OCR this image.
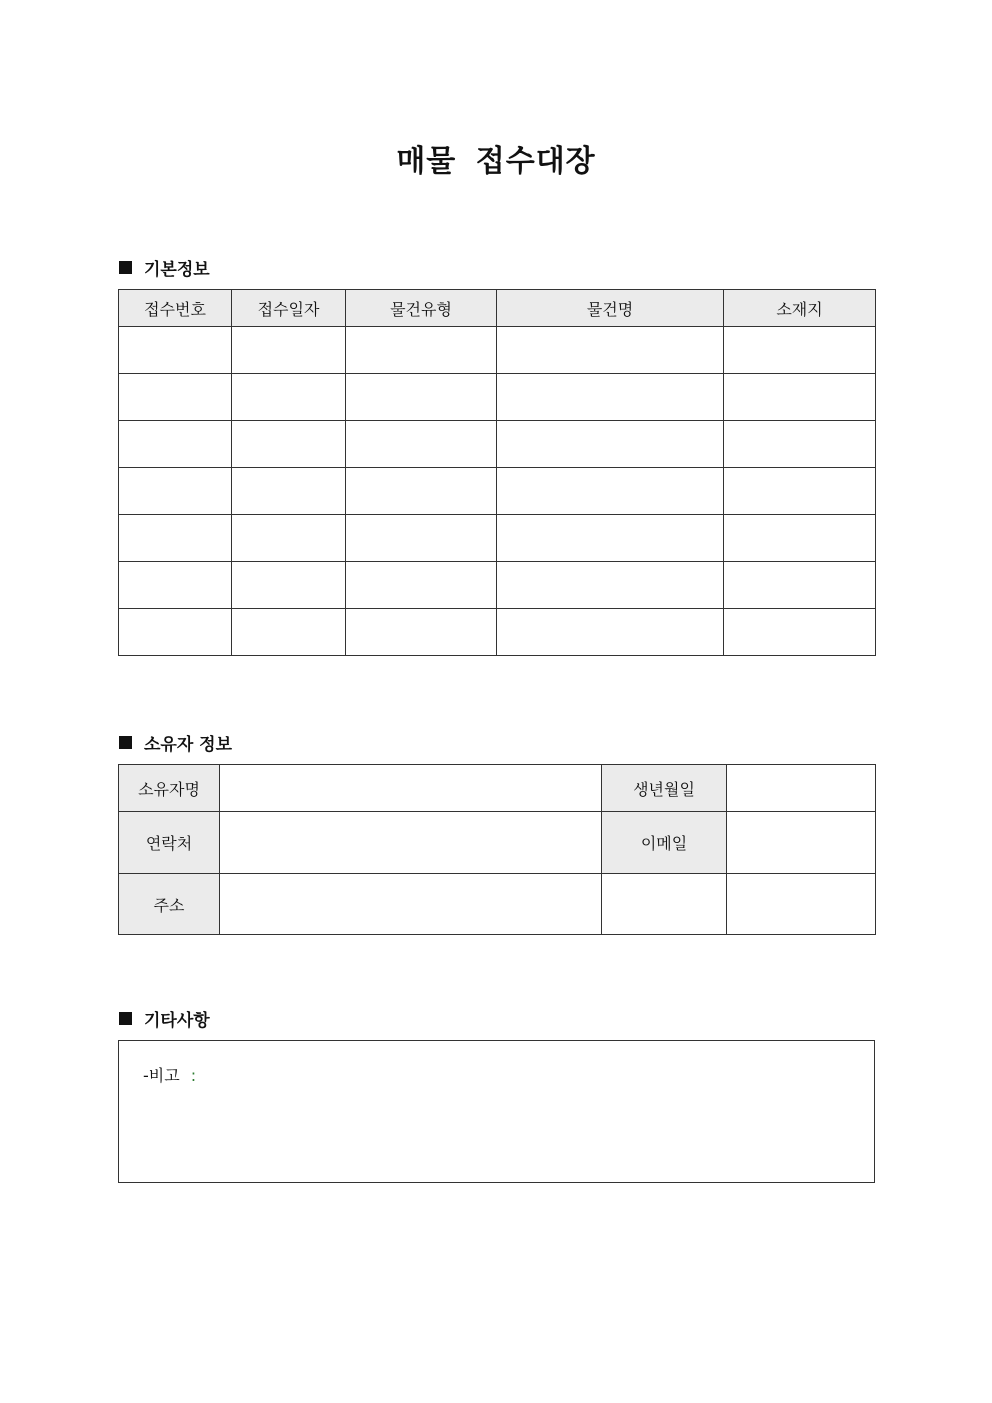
매물 접수대장
기본정보
접수번호	접수일자	물건유형	물건명	소재지

소유자 정보
소유자명		생년월일	
연락처		이메일	
주소			
기타사항
-비고 :
